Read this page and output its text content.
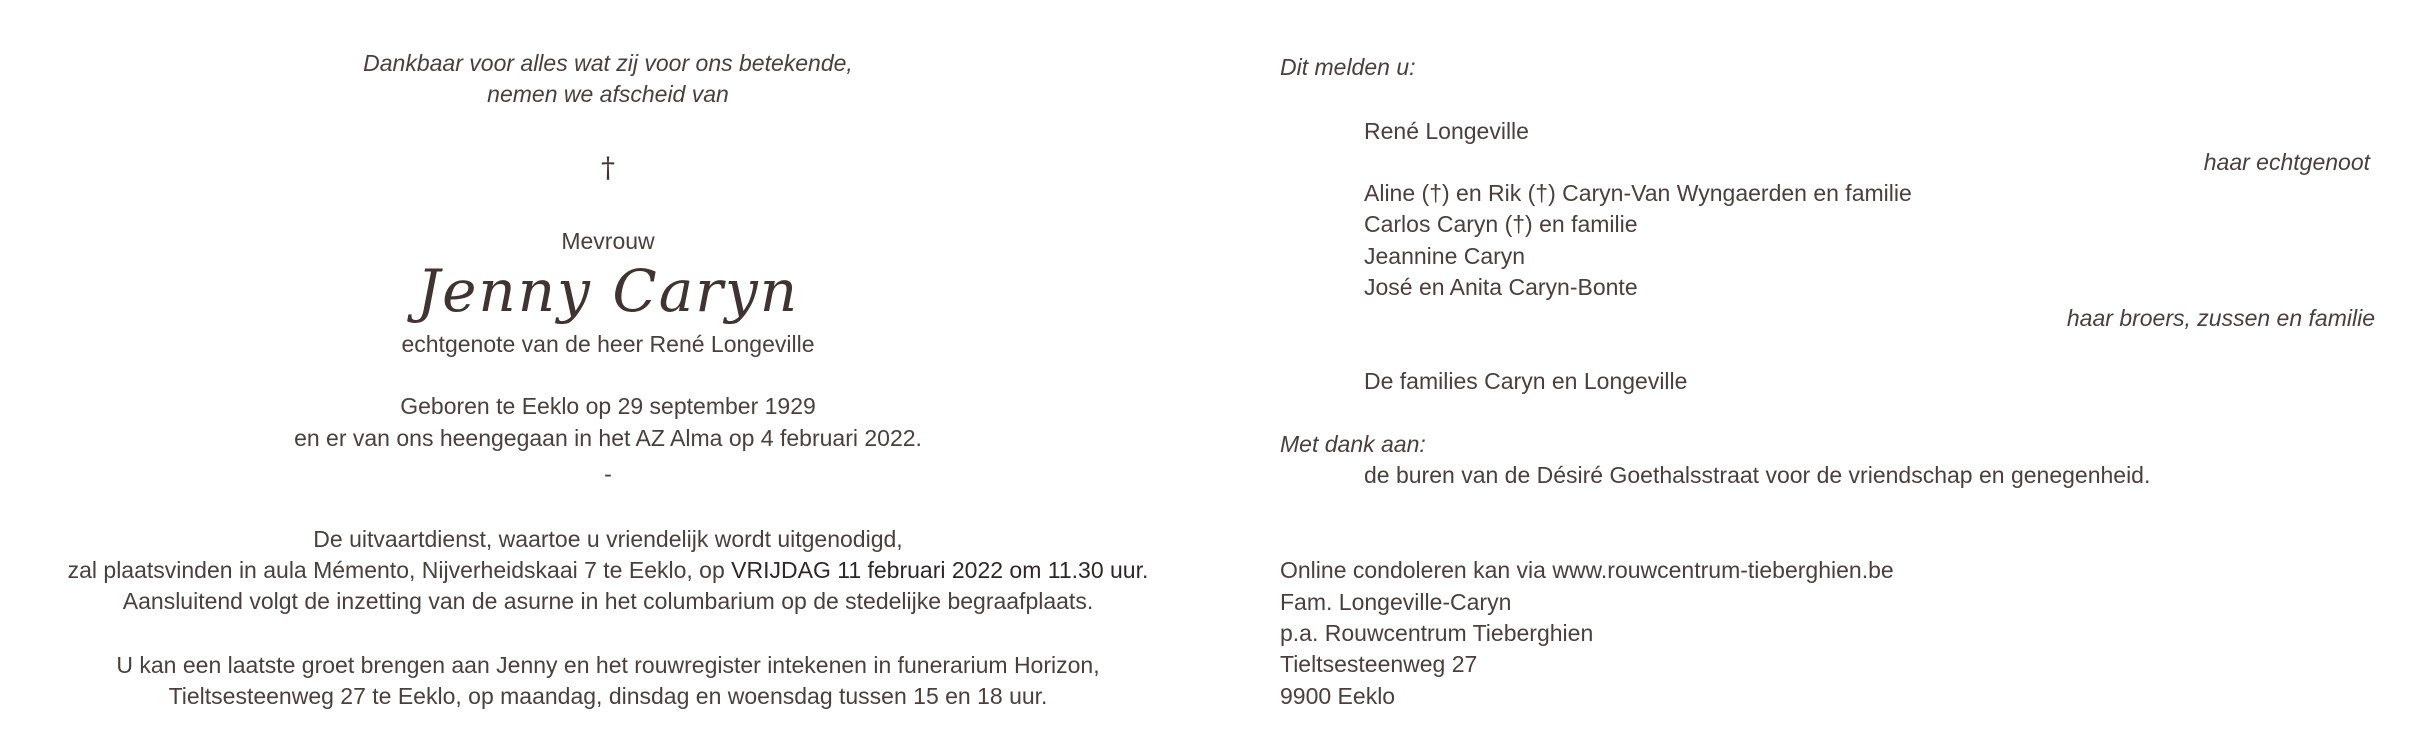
Dankbaar voor alles wat zij voor ons betekende,
nemen we afscheid van
†
Mevrouw
Jenny Caryn
echtgenote van de heer René Longeville
Geboren te Eeklo op 29 september 1929
en er van ons heengegaan in het AZ Alma op 4 februari 2022.
-
De uitvaartdienst, waartoe u vriendelijk wordt uitgenodigd,
zal plaatsvinden in aula Mémento, Nijverheidskaai 7 te Eeklo, op VRIJDAG 11 februari 2022 om 11.30 uur.
Aansluitend volgt de inzetting van de asurne in het columbarium op de stedelijke begraafplaats.
U kan een laatste groet brengen aan Jenny en het rouwregister intekenen in funerarium Horizon,
Tieltsesteenweg 27 te Eeklo, op maandag, dinsdag en woensdag tussen 15 en 18 uur.
Dit melden u:
René Longeville
haar echtgenoot
Aline (†) en Rik (†) Caryn-Van Wyngaerden en familie
Carlos Caryn (†) en familie
Jeannine Caryn
José en Anita Caryn-Bonte
haar broers, zussen en familie
De families Caryn en Longeville
Met dank aan:
de buren van de Désiré Goethalsstraat voor de vriendschap en genegenheid.
Online condoleren kan via www.rouwcentrum-tieberghien.be
Fam. Longeville-Caryn
p.a. Rouwcentrum Tieberghien
Tieltsesteenweg 27
9900 Eeklo
